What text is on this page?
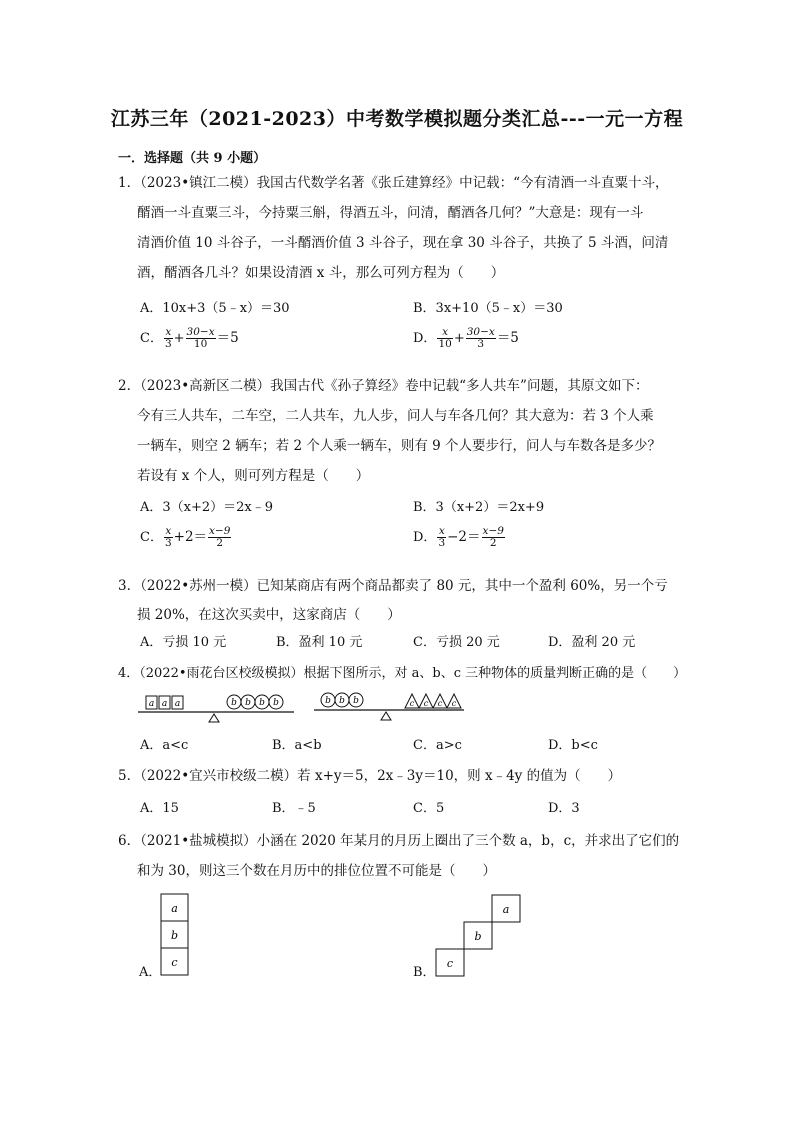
江苏三年（2021-2023）中考数学模拟题分类汇总---一元一方程
一．选择题（共 9 小题）
1．（2023•镇江二模）我国古代数学名著《张丘建算经》中记载：“今有清酒一斗直粟十斗，
醑酒一斗直粟三斗，今持粟三斛，得酒五斗，问清，醑酒各几何？”大意是：现有一斗
清酒价值 10 斗谷子，一斗醑酒价值 3 斗谷子，现在拿 30 斗谷子，共换了 5 斗酒，问清
酒，醑酒各几斗？如果设清酒 x 斗，那么可列方程为（　　）
A．10x+3（5﹣x）＝30	B．3x+10（5﹣x）＝30
C． $\frac{x}{3} + \frac{30-x}{10} =5$	D． $\frac{x}{10} + \frac{30-x}{3} =5$
2．（2023•高新区二模）我国古代《孙子算经》卷中记载“多人共车”问题，其原文如下：
今有三人共车，二车空，二人共车，九人步，问人与车各几何？其大意为：若 3 个人乘
一辆车，则空 2 辆车；若 2 个人乘一辆车，则有 9 个人要步行，问人与车数各是多少？
若设有 x 个人，则可列方程是（　　）
A．3（x+2）＝2x﹣9	B．3（x+2）＝2x+9
C． $\frac{x}{3} +2= \frac{x-9}{2}$	D． $\frac{x}{3} -2= \frac{x-9}{2}$
3．（2022•苏州一模）已知某商店有两个商品都卖了 80 元，其中一个盈利 60%，另一个亏
损 20%，在这次买卖中，这家商店（　　）
A．亏损 10 元	B．盈利 10 元	C．亏损 20 元	D．盈利 20 元
4．（2022•雨花台区校级模拟）根据下图所示，对 a、b、c 三种物体的质量判断正确的是（　　）
a a a	b b b b	b b b	c c c c
A．a<c	B．a<b	C．a>c	D．b<c
5．（2022•宜兴市校级二模）若 x+y＝5，2x﹣3y＝10，则 x﹣4y 的值为（　　）
A．15	B．﹣5	C．5	D．3
6．（2021•盐城模拟）小涵在 2020 年某月的月历上圈出了三个数 a，b，c，并求出了它们的
和为 30，则这三个数在月历中的排位位置不可能是（　　）
a
b
c
A．
a
b
c
B．
